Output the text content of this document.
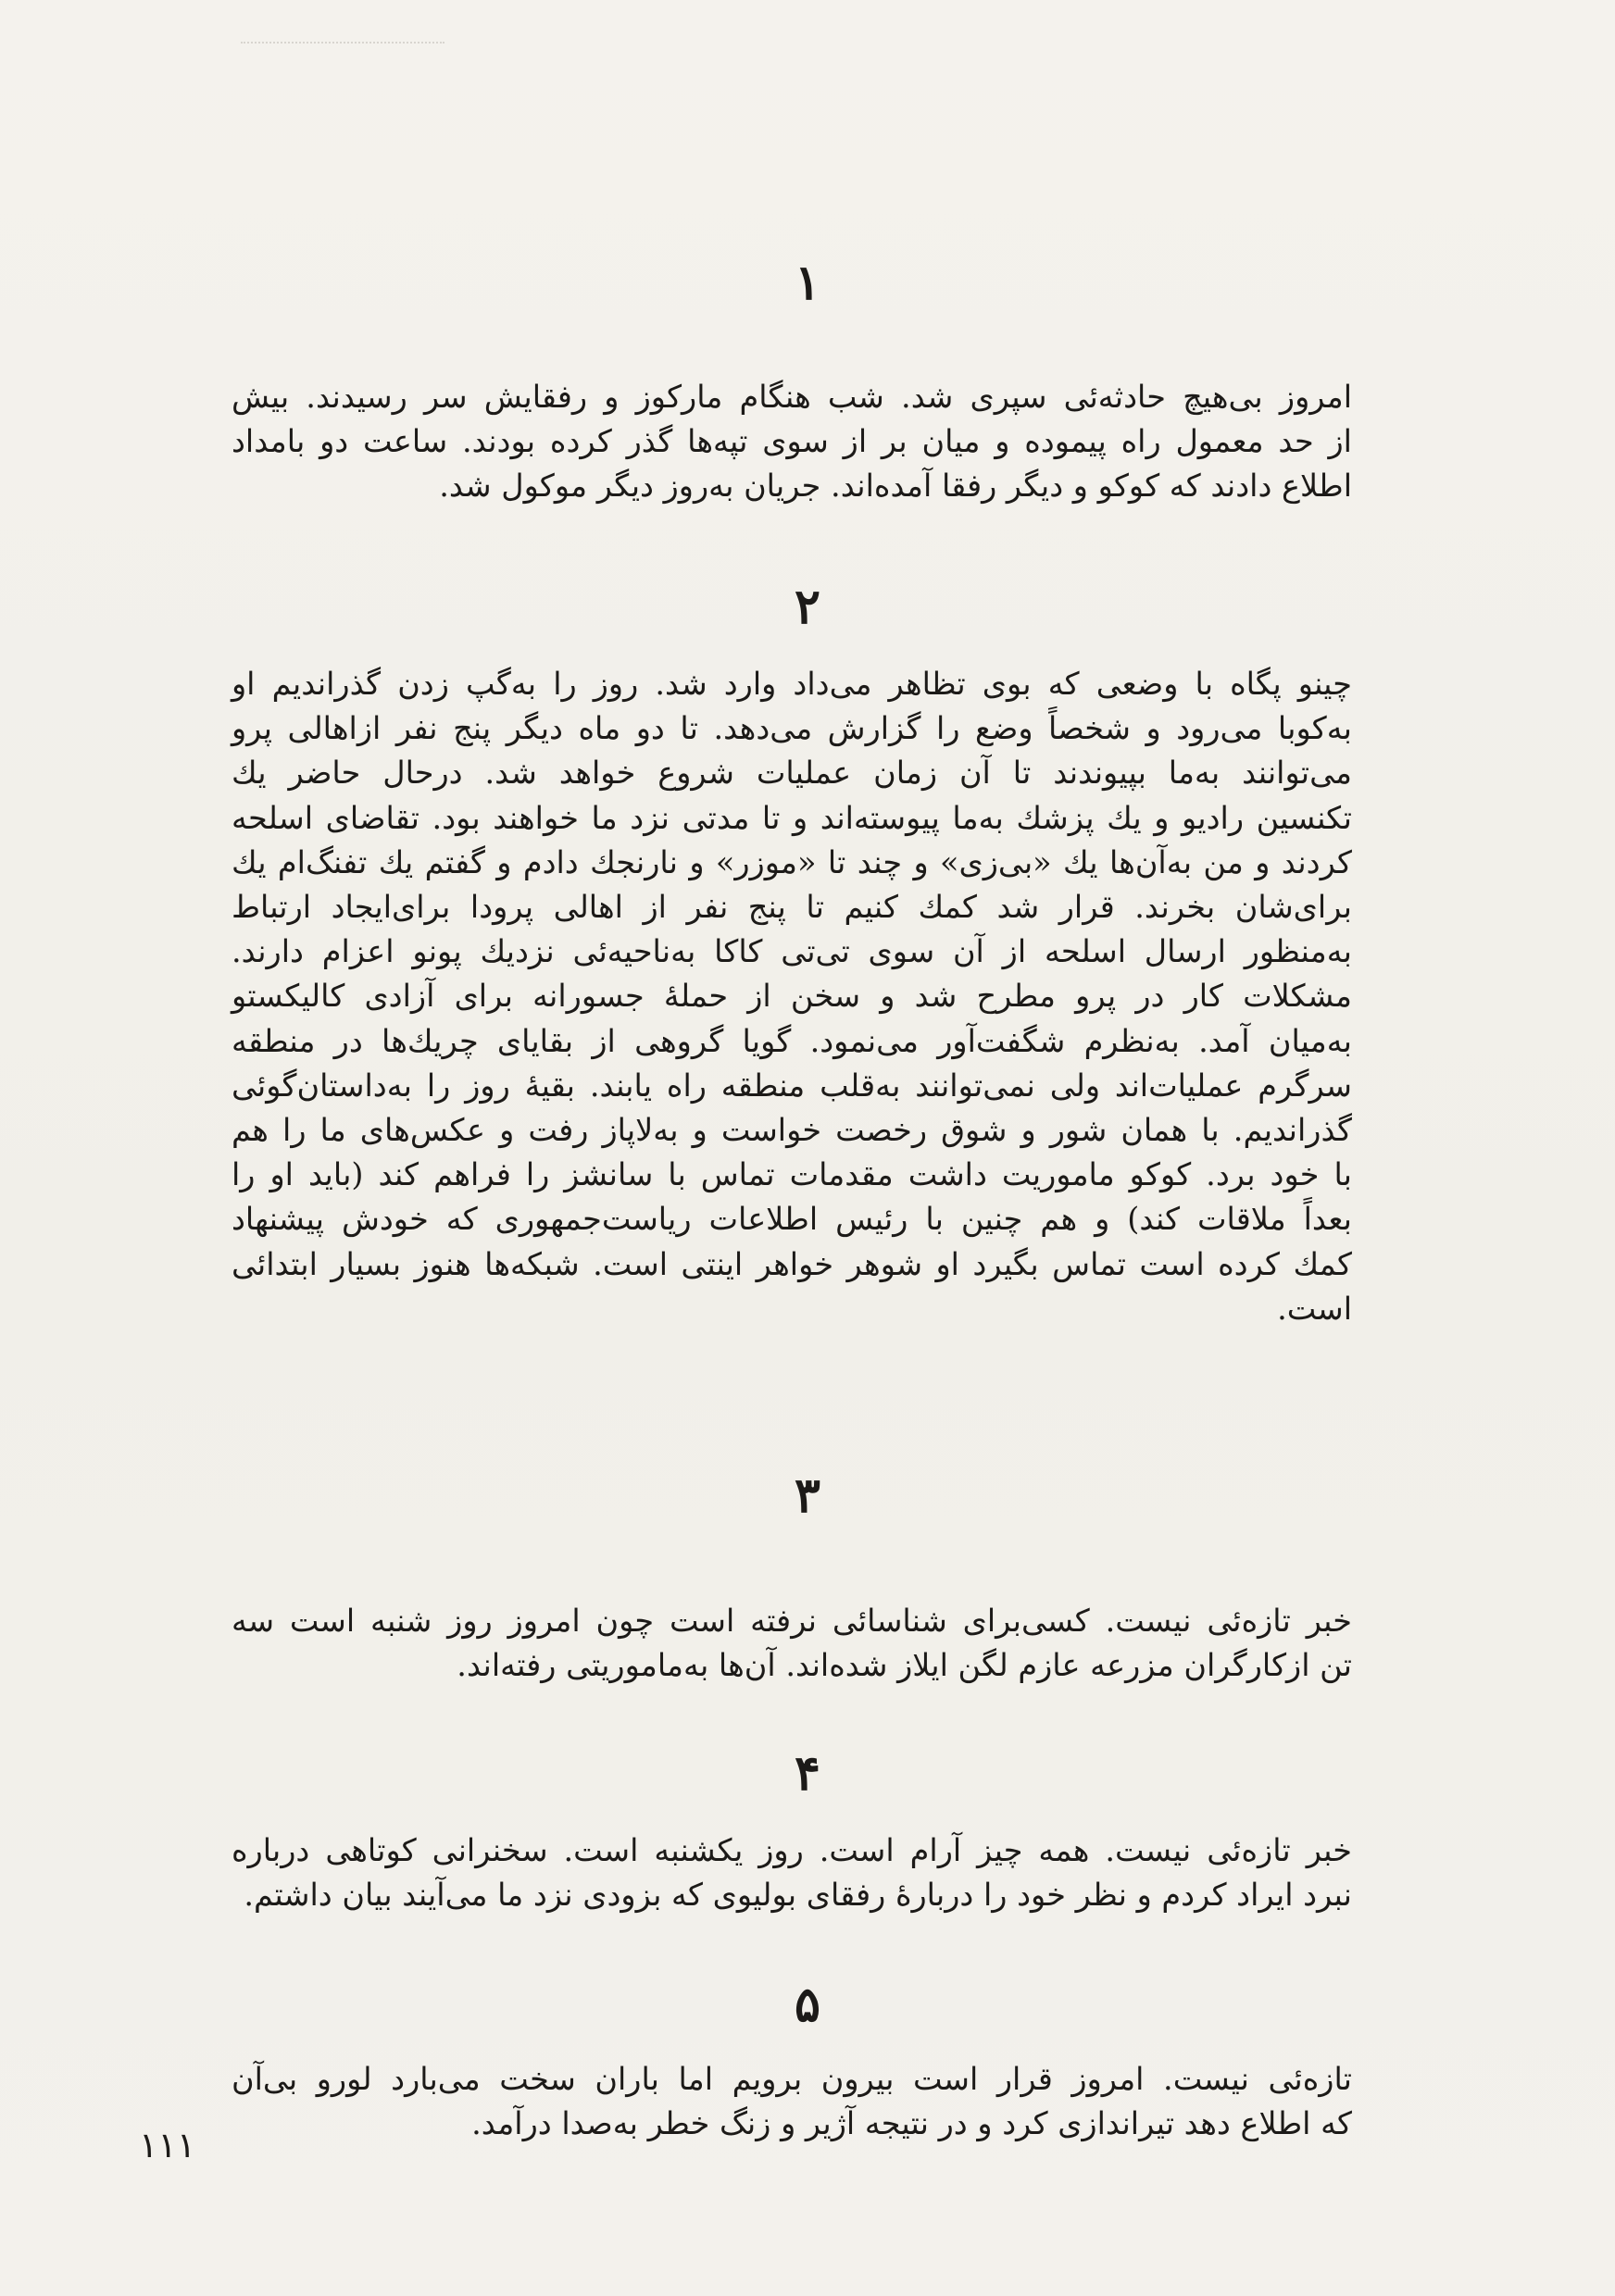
۱

امروز بی‌هیچ حادثه‌ئی سپری شد. شب هنگام مارکوز و رفقایش سر رسیدند. بیش
از حد معمول راه پیموده و میان بر از سوی تپه‌ها گذر کرده بودند. ساعت دو بامداد
اطلاع دادند که کوکو و دیگر رفقا آمده‌اند. جریان به‌روز دیگر موکول شد.

۲

چینو پگاه با وضعی که بوی تظاهر می‌داد وارد شد. روز را به‌گپ زدن گذراندیم او
به‌کوبا می‌رود و شخصاً وضع را گزارش می‌دهد. تا دو ماه دیگر پنج نفر ازاهالی پرو
می‌توانند به‌ما بپیوندند تا آن زمان عملیات شروع خواهد شد. درحال حاضر یك
تکنسین رادیو و یك پزشك به‌ما پیوسته‌اند و تا مدتی نزد ما خواهند بود. تقاضای اسلحه
کردند و من به‌آن‌ها یك «بی‌زی» و چند تا «موزر» و نارنجك دادم و گفتم یك تفنگ‌ام یك
برای‌شان بخرند. قرار شد کمك کنیم تا پنج نفر از اهالی پرودا برای‌ایجاد ارتباط
به‌منظور ارسال اسلحه از آن سوی تی‌تی کاکا به‌ناحیه‌ئی نزدیك پونو اعزام دارند.
مشکلات کار در پرو مطرح شد و سخن از حملهٔ جسورانه برای آزادی کالیکستو
به‌میان آمد. به‌نظرم شگفت‌آور می‌نمود. گویا گروهی از بقایای چریك‌ها در منطقه
سرگرم عملیات‌اند ولی نمی‌توانند به‌قلب منطقه راه یابند. بقیهٔ روز را به‌داستان‌گوئی
گذراندیم. با همان شور و شوق رخصت خواست و به‌لاپاز رفت و عکس‌های ما را هم
با خود برد. کوکو ماموریت داشت مقدمات تماس با سانشز را فراهم کند (باید او را
بعداً ملاقات کند) و هم چنین با رئیس اطلاعات ریاست‌جمهوری که خودش پیشنهاد
کمك کرده است تماس بگیرد او شوهر خواهر اینتی است. شبکه‌ها هنوز بسیار ابتدائی
است.

۳

خبر تازه‌ئی نیست. کسی‌برای شناسائی نرفته است چون امروز روز شنبه است سه
تن ازکارگران مزرعه عازم لگن ایلاز شده‌اند. آن‌ها به‌ماموریتی رفته‌اند.

۴

خبر تازه‌ئی نیست. همه چیز آرام است. روز یکشنبه است. سخنرانی کوتاهی درباره
نبرد ایراد کردم و نظر خود را دربارهٔ رفقای بولیوی که بزودی نزد ما می‌آیند بیان داشتم.

۵

تازه‌ئی نیست. امروز قرار است بیرون برویم اما باران سخت می‌بارد لورو بی‌آن
که اطلاع دهد تیراندازی کرد و در نتیجه آژیر و زنگ خطر به‌صدا درآمد.

۱۱۱
